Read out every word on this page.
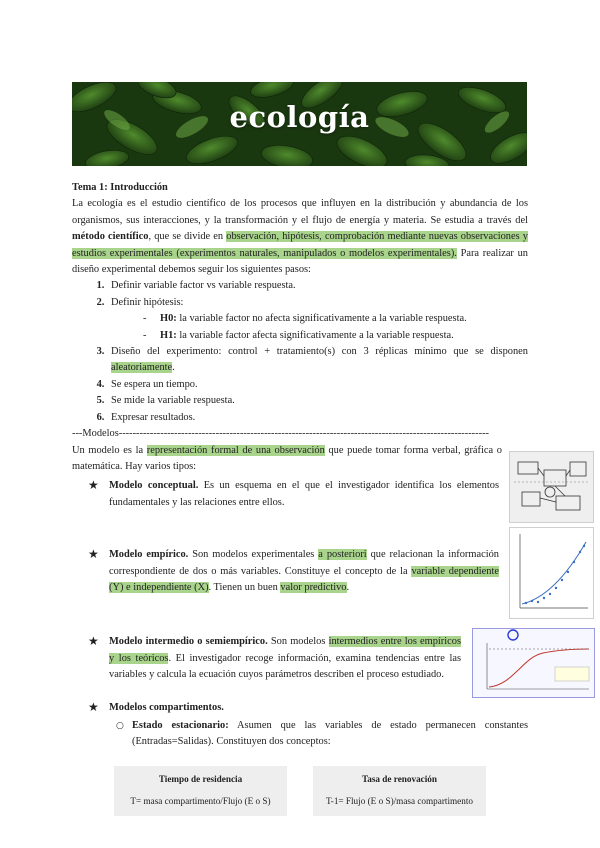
ecología
Tema 1: Introducción

La ecología es el estudio científico de los procesos que influyen en la distribución y abundancia de los organismos, sus interacciones, y la transformación y el flujo de energía y materia. Se estudia a través del método científico, que se divide en observación, hipótesis, comprobación mediante nuevas observaciones y estudios experimentales (experimentos naturales, manipulados o modelos experimentales). Para realizar un diseño experimental debemos seguir los siguientes pasos:

1. Definir variable factor vs variable respuesta.
2. Definir hipótesis:
- H0: la variable factor no afecta significativamente a la variable respuesta.
- H1: la variable factor afecta significativamente a la variable respuesta.
3. Diseño del experimento: control + tratamiento(s) con 3 réplicas mínimo que se disponen aleatoriamente.
4. Se espera un tiempo.
5. Se mide la variable respuesta.
6. Expresar resultados.
---Modelos-----------------------------------------------------------------------------------------------------------

Un modelo es la representación formal de una observación que puede tomar forma verbal, gráfica o matemática. Hay varios tipos:

★ Modelo conceptual. Es un esquema en el que el investigador identifica los elementos fundamentales y las relaciones entre ellos.

★ Modelo empírico. Son modelos experimentales a posteriori que relacionan la información correspondiente de dos o más variables. Constituye el concepto de la variable dependiente (Y) e independiente (X). Tienen un buen valor predictivo.

★ Modelo intermedio o semiempírico. Son modelos intermedios entre los empíricos y los teóricos. El investigador recoge información, examina tendencias entre las variables y calcula la ecuación cuyos parámetros describen el proceso estudiado.

★ Modelos compartimentos.

○ Estado estacionario: Asumen que las variables de estado permanecen constantes (Entradas=Salidas). Constituyen dos conceptos:

Tiempo de residencia
T= masa compartimento/Flujo (E o S)
Tasa de renovación
T-1= Flujo (E o S)/masa compartimento
